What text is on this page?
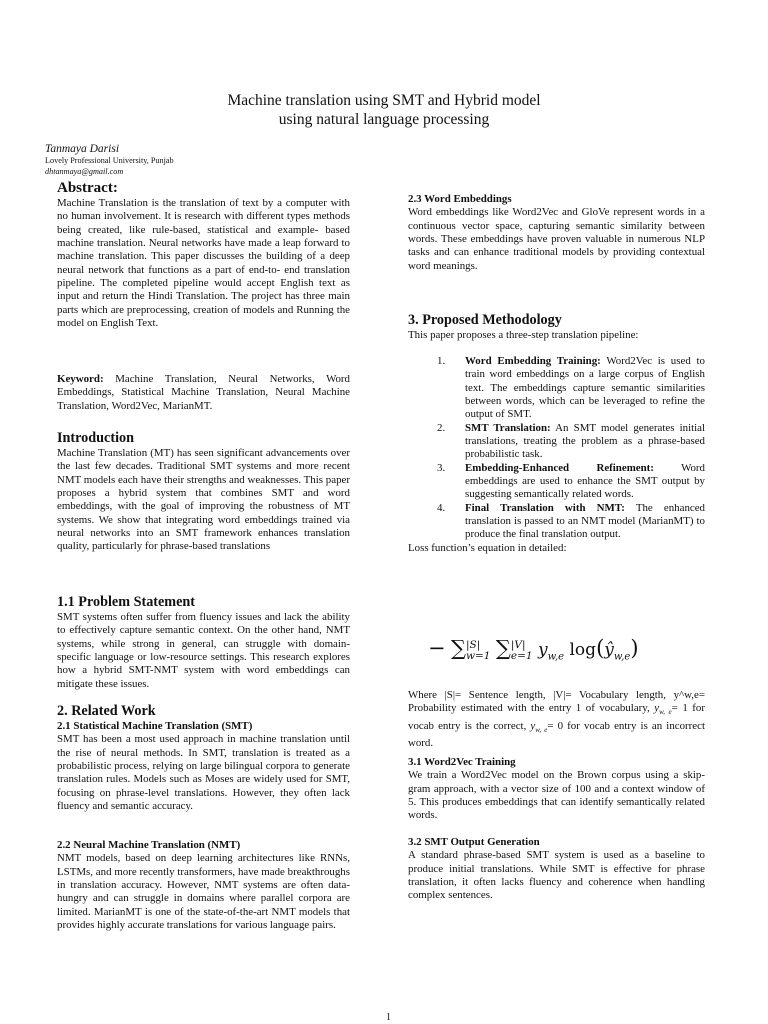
Machine translation using SMT and Hybrid model
using natural language processing
Tanmaya Darisi
Lovely Professional University, Punjab
dhtanmaya@gmail.com

Abstract:

Machine Translation is the translation of text by a computer with no human involvement. It is research with different types methods being created, like rule-based, statistical and example- based machine translation. Neural networks have made a leap forward to machine translation. This paper discusses the building of a deep neural network that functions as a part of end-to- end translation pipeline. The completed pipeline would accept English text as input and return the Hindi Translation. The project has three main parts which are preprocessing, creation of models and Running the model on English Text.

Keyword: Machine Translation, Neural Networks, Word Embeddings, Statistical Machine Translation, Neural Machine Translation, Word2Vec, MarianMT.

Introduction

Machine Translation (MT) has seen significant advancements over the last few decades. Traditional SMT systems and more recent NMT models each have their strengths and weaknesses. This paper proposes a hybrid system that combines SMT and word embeddings, with the goal of improving the robustness of MT systems. We show that integrating word embeddings trained via neural networks into an SMT framework enhances translation quality, particularly for phrase-based translations

1.1 Problem Statement

SMT systems often suffer from fluency issues and lack the ability to effectively capture semantic context. On the other hand, NMT systems, while strong in general, can struggle with domain-specific language or low-resource settings. This research explores how a hybrid SMT-NMT system with word embeddings can mitigate these issues.

2. Related Work

2.1 Statistical Machine Translation (SMT)

SMT has been a most used approach in machine translation until the rise of neural methods. In SMT, translation is treated as a probabilistic process, relying on large bilingual corpora to generate translation rules. Models such as Moses are widely used for SMT, focusing on phrase-level translations. However, they often lack fluency and semantic accuracy.

2.2 Neural Machine Translation (NMT)

NMT models, based on deep learning architectures like RNNs, LSTMs, and more recently transformers, have made breakthroughs in translation accuracy. However, NMT systems are often data-hungry and can struggle in domains where parallel corpora are limited. MarianMT is one of the state-of-the-art NMT models that provides highly accurate translations for various language pairs.

2.3 Word Embeddings

Word embeddings like Word2Vec and GloVe represent words in a continuous vector space, capturing semantic similarity between words. These embeddings have proven valuable in numerous NLP tasks and can enhance traditional models by providing contextual word meanings.

3. Proposed Methodology

This paper proposes a three-step translation pipeline:

1. Word Embedding Training: Word2Vec is used to train word embeddings on a large corpus of English text. The embeddings capture semantic similarities between words, which can be leveraged to refine the output of SMT.

2. SMT Translation: An SMT model generates initial translations, treating the problem as a phrase-based probabilistic task.

3. Embedding-Enhanced Refinement: Word embeddings are used to enhance the SMT output by suggesting semantically related words.

4. Final Translation with NMT: The enhanced translation is passed to an NMT model (MarianMT) to produce the final translation output.

Loss function’s equation in detailed:

− ∑ |S|
w=1 ∑ |V|
e=1 $y_{w,e}$ $\log(ŷ_{w,e})$

Where |S|= Sentence length, |V|= Vocabulary length, y^w,e= Probability estimated with the entry 1 of vocabulary, $y_{w, e}= 1$ for vocab entry is the correct, $y_{w, e}= 0$ for vocab entry is an incorrect word.

3.1 Word2Vec Training

We train a Word2Vec model on the Brown corpus using a skip-gram approach, with a vector size of 100 and a context window of 5. This produces embeddings that can identify semantically related words.

3.2 SMT Output Generation

A standard phrase-based SMT system is used as a baseline to produce initial translations. While SMT is effective for phrase translation, it often lacks fluency and coherence when handling complex sentences.

1
